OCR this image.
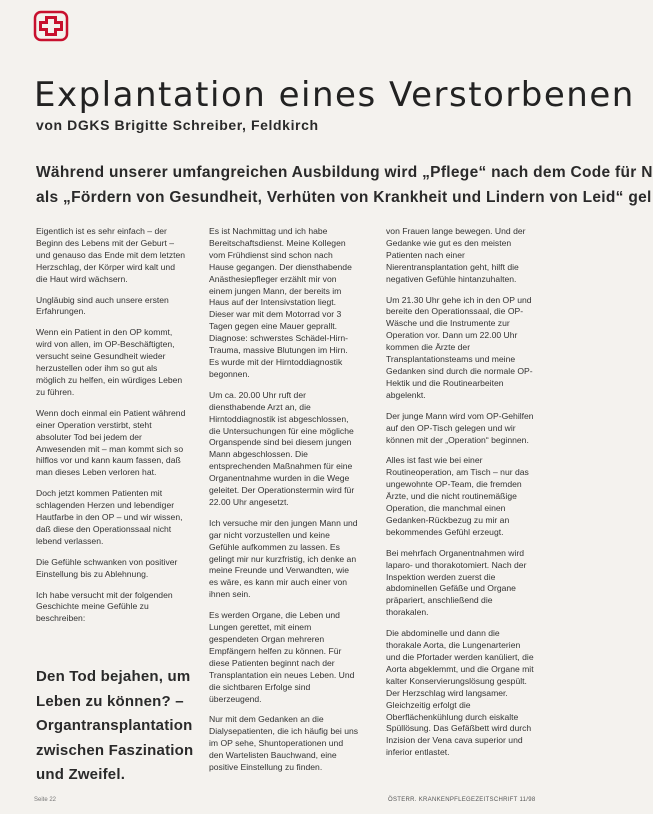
Explantation eines Verstorbenen
von DGKS Brigitte Schreiber, Feldkirch
Während unserer umfangreichen Ausbildung wird „Pflege“ nach dem Code für N
als „Fördern von Gesundheit, Verhüten von Krankheit und Lindern von Leid“ gel

Eigentlich ist es sehr einfach – der Beginn des Lebens mit der Geburt – und genauso das Ende mit dem letzten Herzschlag, der Körper wird kalt und die Haut wird wächsern.

Ungläubig sind auch unsere ersten Erfahrungen.

Wenn ein Patient in den OP kommt, wird von allen, im OP-Beschäftigten, versucht seine Gesundheit wieder herzustellen oder ihm so gut als möglich zu helfen, ein würdiges Leben zu führen.

Wenn doch einmal ein Patient während einer Operation verstirbt, steht absoluter Tod bei jedem der Anwesenden mit – man kommt sich so hilflos vor und kann kaum fassen, daß man dieses Leben verloren hat.

Doch jetzt kommen Patienten mit schlagenden Herzen und lebendiger Hautfarbe in den OP – und wir wissen, daß diese den Operationssaal nicht lebend verlassen.

Die Gefühle schwanken von positiver Einstellung bis zu Ablehnung.

Ich habe versucht mit der folgenden Geschichte meine Gefühle zu beschreiben:

Den Tod bejahen, um
Leben zu können? –
Organtransplantation
zwischen Faszination
und Zweifel.

Es ist Nachmittag und ich habe Bereitschaftsdienst. Meine Kollegen vom Frühdienst sind schon nach Hause gegangen. Der diensthabende Anästhesiepfleger erzählt mir von einem jungen Mann, der bereits im Haus auf der Intensivstation liegt. Dieser war mit dem Motorrad vor 3 Tagen gegen eine Mauer geprallt. Diagnose: schwerstes Schädel-Hirn-Trauma, massive Blutungen im Hirn. Es wurde mit der Hirntoddiagnostik begonnen.

Um ca. 20.00 Uhr ruft der diensthabende Arzt an, die Hirntoddiagnostik ist abgeschlossen, die Untersuchungen für eine mögliche Organspende sind bei diesem jungen Mann abgeschlossen. Die entsprechenden Maßnahmen für eine Organentnahme wurden in die Wege geleitet. Der Operationstermin wird für 22.00 Uhr angesetzt.

Ich versuche mir den jungen Mann und gar nicht vorzustellen und keine Gefühle aufkommen zu lassen. Es gelingt mir nur kurzfristig, ich denke an meine Freunde und Verwandten, wie es wäre, es kann mir auch einer von ihnen sein.

Es werden Organe, die Leben und Lungen gerettet, mit einem gespendeten Organ mehreren Empfängern helfen zu können. Für diese Patienten beginnt nach der Transplantation ein neues Leben. Und die sichtbaren Erfolge sind überzeugend.

Nur mit dem Gedanken an die Dialysepatienten, die ich häufig bei uns im OP sehe, Shuntoperationen und den Wartelisten Bauchwand, eine positive Einstellung zu finden.

von Frauen lange bewegen. Und der Gedanke wie gut es den meisten Patienten nach einer Nierentransplantation geht, hilft die negativen Gefühle hintanzuhalten.

Um 21.30 Uhr gehe ich in den OP und bereite den Operationssaal, die OP-Wäsche und die Instrumente zur Operation vor. Dann um 22.00 Uhr kommen die Ärzte der Transplantationsteams und meine Gedanken sind durch die normale OP-Hektik und die Routinearbeiten abgelenkt.

Der junge Mann wird vom OP-Gehilfen auf den OP-Tisch gelegen und wir können mit der „Operation“ beginnen.

Alles ist fast wie bei einer Routineoperation, am Tisch – nur das ungewohnte OP-Team, die fremden Ärzte, und die nicht routinemäßige Operation, die manchmal einen Gedanken-Rückbezug zu mir an bekommendes Gefühl erzeugt.

Bei mehrfach Organentnahmen wird laparo- und thorakotomiert. Nach der Inspektion werden zuerst die abdominellen Gefäße und Organe präpariert, anschließend die thorakalen.

Die abdominelle und dann die thorakale Aorta, die Lungenarterien und die Pfortader werden kanüliert, die Aorta abgeklemmt, und die Organe mit kalter Konservierungslösung gespült. Der Herzschlag wird langsamer. Gleichzeitig erfolgt die Oberflächenkühlung durch eiskalte Spüllösung. Das Gefäßbett wird durch Inzision der Vena cava superior und inferior entlastet.

Seite 22	ÖSTERR. KRANKENPFLEGEZEITSCHRIFT 11/98
